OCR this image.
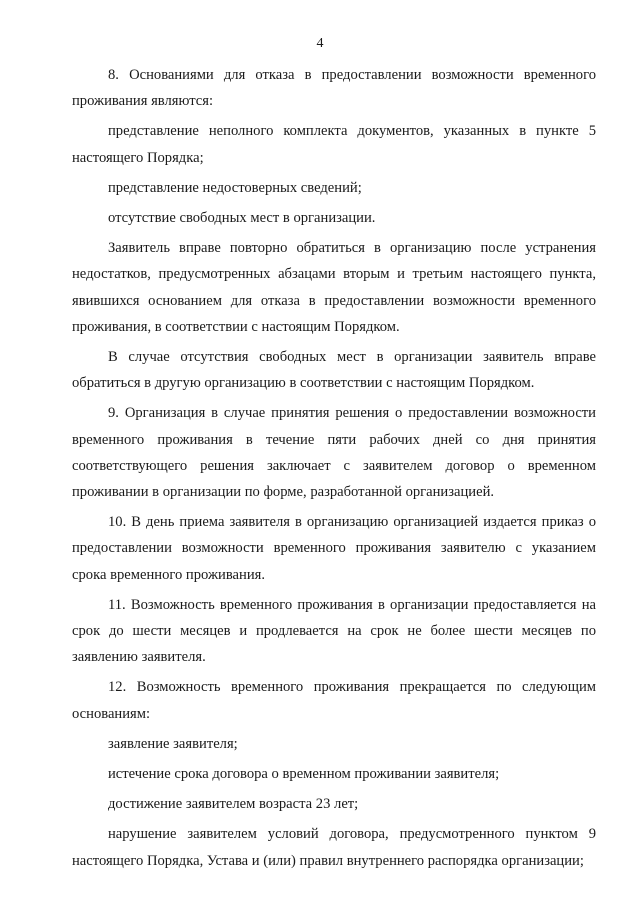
4

8. Основаниями для отказа в предоставлении возможности временного проживания являются:

представление неполного комплекта документов, указанных в пункте 5 настоящего Порядка;

представление недостоверных сведений;

отсутствие свободных мест в организации.

Заявитель вправе повторно обратиться в организацию после устранения недостатков, предусмотренных абзацами вторым и третьим настоящего пункта, явившихся основанием для отказа в предоставлении возможности временного проживания, в соответствии с настоящим Порядком.

В случае отсутствия свободных мест в организации заявитель вправе обратиться в другую организацию в соответствии с настоящим Порядком.

9. Организация в случае принятия решения о предоставлении возможности временного проживания в течение пяти рабочих дней со дня принятия соответствующего решения заключает с заявителем договор о временном проживании в организации по форме, разработанной организацией.

10. В день приема заявителя в организацию организацией издается приказ о предоставлении возможности временного проживания заявителю с указанием срока временного проживания.

11. Возможность временного проживания в организации предоставляется на срок до шести месяцев и продлевается на срок не более шести месяцев по заявлению заявителя.

12. Возможность временного проживания прекращается по следующим основаниям:

заявление заявителя;

истечение срока договора о временном проживании заявителя;

достижение заявителем возраста 23 лет;

нарушение заявителем условий договора, предусмотренного пунктом 9 настоящего Порядка, Устава и (или) правил внутреннего распорядка организации;
